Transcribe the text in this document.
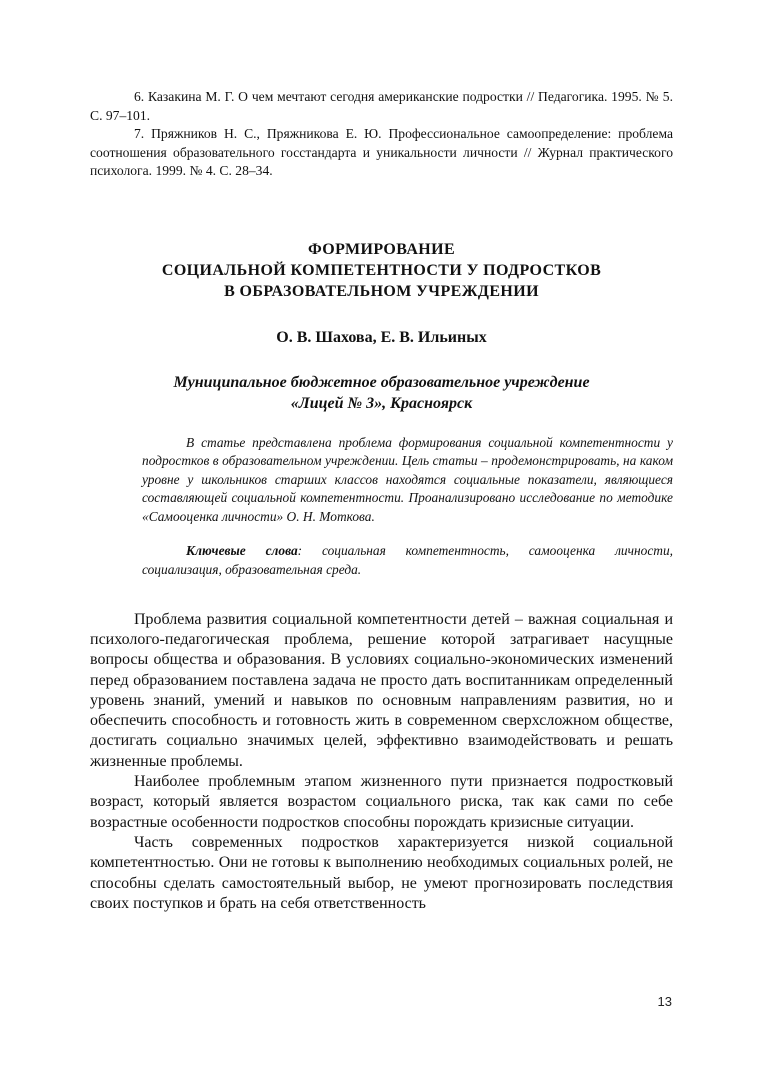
6. Казакина М. Г. О чем мечтают сегодня американские подростки // Педагогика. 1995. № 5. С. 97–101.

7. Пряжников Н. С., Пряжникова Е. Ю. Профессиональное самоопределение: проблема соотношения образовательного госстандарта и уникальности личности // Журнал практического психолога. 1999. № 4. С. 28–34.

ФОРМИРОВАНИЕ
СОЦИАЛЬНОЙ КОМПЕТЕНТНОСТИ У ПОДРОСТКОВ
В ОБРАЗОВАТЕЛЬНОМ УЧРЕЖДЕНИИ
О. В. Шахова, Е. В. Ильиных
Муниципальное бюджетное образовательное учреждение
«Лицей № 3», Красноярск

В статье представлена проблема формирования социальной компетентности у подростков в образовательном учреждении. Цель статьи – продемонстрировать, на каком уровне у школьников старших классов находятся социальные показатели, являющиеся составляющей социальной компетентности. Проанализировано исследование по методике «Самооценка личности» О. Н. Моткова.

Ключевые слова: социальная компетентность, самооценка личности, социализация, образовательная среда.

Проблема развития социальной компетентности детей – важная социальная и психолого-педагогическая проблема, решение которой затрагивает насущные вопросы общества и образования. В условиях социально-экономических изменений перед образованием поставлена задача не просто дать воспитанникам определенный уровень знаний, умений и навыков по основным направлениям развития, но и обеспечить способность и готовность жить в современном сверхсложном обществе, достигать социально значимых целей, эффективно взаимодействовать и решать жизненные проблемы.

Наиболее проблемным этапом жизненного пути признается подростковый возраст, который является возрастом социального риска, так как сами по себе возрастные особенности подростков способны порождать кризисные ситуации.

Часть современных подростков характеризуется низкой социальной компетентностью. Они не готовы к выполнению необходимых социальных ролей, не способны сделать самостоятельный выбор, не умеют прогнозировать последствия своих поступков и брать на себя ответственность

13
